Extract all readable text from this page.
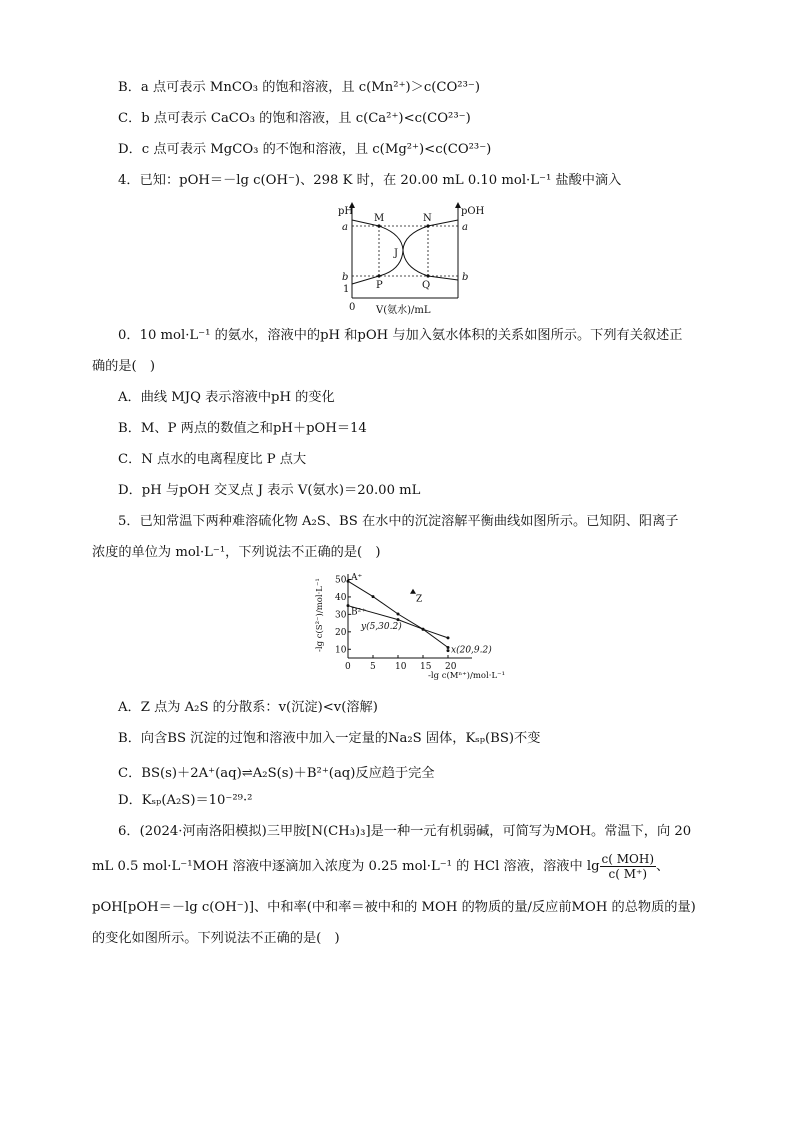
B．a 点可表示 MnCO₃ 的饱和溶液，且 c(Mn²⁺)＞c(CO²³⁻)
C．b 点可表示 CaCO₃ 的饱和溶液，且 c(Ca²⁺)<c(CO²³⁻)
D．c 点可表示 MgCO₃ 的不饱和溶液，且 c(Mg²⁺)<c(CO²³⁻)
4．已知：pOH＝－lg c(OH⁻)、298 K 时，在 20.00 mL 0.10 mol·L⁻¹ 盐酸中滴入
pH	pOH
a	a
b	b
1
0
M	N
J
P	Q
V(氨水)/mL
0．10 mol·L⁻¹ 的氨水，溶液中的pH 和pOH 与加入氨水体积的关系如图所示。下列有关叙述正
确的是(　)
A．曲线 MJQ 表示溶液中pH 的变化
B．M、P 两点的数值之和pH＋pOH＝14
C．N 点水的电离程度比 P 点大
D．pH 与pOH 交叉点 J 表示 V(氨水)＝20.00 mL
5．已知常温下两种难溶硫化物 A₂S、BS 在水中的沉淀溶解平衡曲线如图所示。已知阴、阳离子
浓度的单位为 mol·L⁻¹，下列说法不正确的是(　)
0 5 10 15 20
10
20
30
40
50
-lg c(Mⁿ⁺)/mol·L⁻¹
-lg c(S²⁻)/mol·L⁻¹	A⁺
B²⁺
y(5,30.2)
x(20,9.2)
Z
A．Z 点为 A₂S 的分散系：v(沉淀)<v(溶解)
B．向含BS 沉淀的过饱和溶液中加入一定量的Na₂S 固体，Kₛₚ(BS)不变
C．BS(s)＋2A⁺(aq)⇌A₂S(s)＋B²⁺(aq)反应趋于完全
D．Kₛₚ(A₂S)＝10⁻²⁹·²
6．(2024·河南洛阳模拟)三甲胺[N(CH₃)₃]是一种一元有机弱碱，可简写为MOH。常温下，向 20
mL 0.5 mol·L⁻¹MOH 溶液中逐滴加入浓度为 0.25 mol·L⁻¹ 的 HCl 溶液，溶液中 $\lg \frac{\text{c( MOH)}}{c( M^+)}$ 、
pOH[pOH＝－lg c(OH⁻)]、中和率(中和率＝被中和的 MOH 的物质的量/反应前MOH 的总物质的量)
的变化如图所示。下列说法不正确的是(　)
